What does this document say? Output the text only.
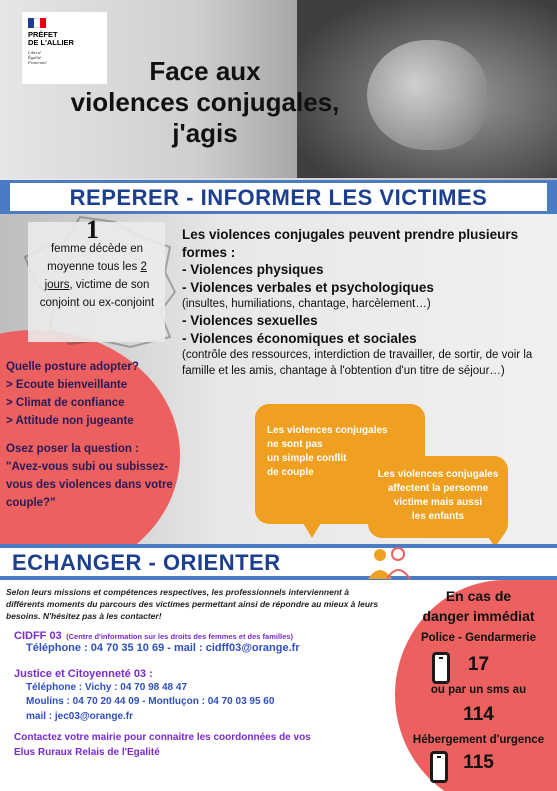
PRÉFET
DE L'ALLIER
Liberté
Égalité
Fraternité	Face aux
violences conjugales,
j'agis
REPERER - INFORMER LES VICTIMES
1
femme décède en moyenne tous les 2 jours, victime de son conjoint ou ex-conjoint
Les violences conjugales peuvent prendre plusieurs formes :
- Violences physiques
- Violences verbales et psychologiques
(insultes, humiliations, chantage, harcèlement…)
- Violences sexuelles
- Violences économiques et sociales
(contrôle des ressources, interdiction de travailler, de sortir, de voir la famille et les amis, chantage à l'obtention d'un titre de séjour…)
Quelle posture adopter?
> Ecoute bienveillante
> Climat de confiance
> Attitude non jugeante
Osez poser la question :
"Avez-vous subi ou subissez-vous des violences dans votre couple?"
Les violences conjugales
ne sont pas
un simple conflit
de couple	Les violences conjugales
affectent la personne
victime mais aussi
les enfants
ECHANGER - ORIENTER
Selon leurs missions et compétences respectives, les professionnels interviennent à différents moments du parcours des victimes permettant ainsi de répondre au mieux à leurs besoins. N'hésitez pas à les contacter!
CIDFF 03 (Centre d'information sur les droits des femmes et des familles)
Téléphone : 04 70 35 10 69 - mail : cidff03@orange.fr
Justice et Citoyenneté 03 :
Téléphone : Vichy : 04 70 98 48 47
Moulins : 04 70 20 44 09 - Montluçon : 04 70 03 95 60
mail : jec03@orange.fr
Contactez votre mairie pour connaitre les coordonnées de vos
Elus Ruraux Relais de l'Egalité
En cas de
danger immédiat
Police - Gendarmerie
17
ou par un sms au
114
Hébergement d'urgence
115
